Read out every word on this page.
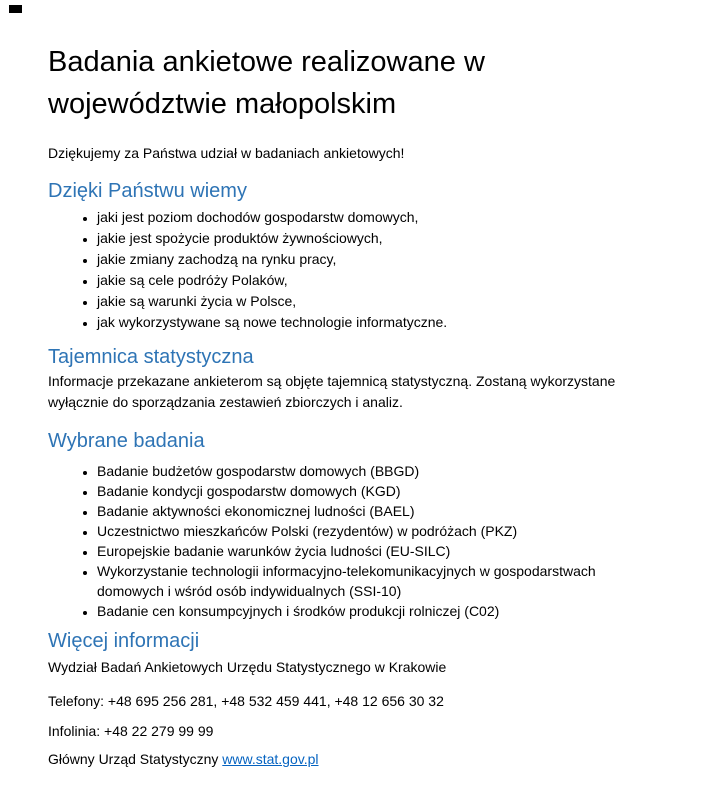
Badania ankietowe realizowane w województwie małopolskim

Dziękujemy za Państwa udział w badaniach ankietowych!

Dzięki Państwu wiemy
• jaki jest poziom dochodów gospodarstw domowych,
• jakie jest spożycie produktów żywnościowych,
• jakie zmiany zachodzą na rynku pracy,
• jakie są cele podróży Polaków,
• jakie są warunki życia w Polsce,
• jak wykorzystywane są nowe technologie informatyczne.
Tajemnica statystyczna

Informacje przekazane ankieterom są objęte tajemnicą statystyczną. Zostaną wykorzystane wyłącznie do sporządzania zestawień zbiorczych i analiz.

Wybrane badania
• Badanie budżetów gospodarstw domowych (BBGD)
• Badanie kondycji gospodarstw domowych (KGD)
• Badanie aktywności ekonomicznej ludności (BAEL)
• Uczestnictwo mieszkańców Polski (rezydentów) w podróżach (PKZ)
• Europejskie badanie warunków życia ludności (EU-SILC)
• Wykorzystanie technologii informacyjno-telekomunikacyjnych w gospodarstwach domowych i wśród osób indywidualnych (SSI-10)
• Badanie cen konsumpcyjnych i środków produkcji rolniczej (C02)
Więcej informacji

Wydział Badań Ankietowych Urzędu Statystycznego w Krakowie

Telefony: +48 695 256 281, +48 532 459 441, +48 12 656 30 32

Infolinia: +48 22 279 99 99

Główny Urząd Statystyczny www.stat.gov.pl
